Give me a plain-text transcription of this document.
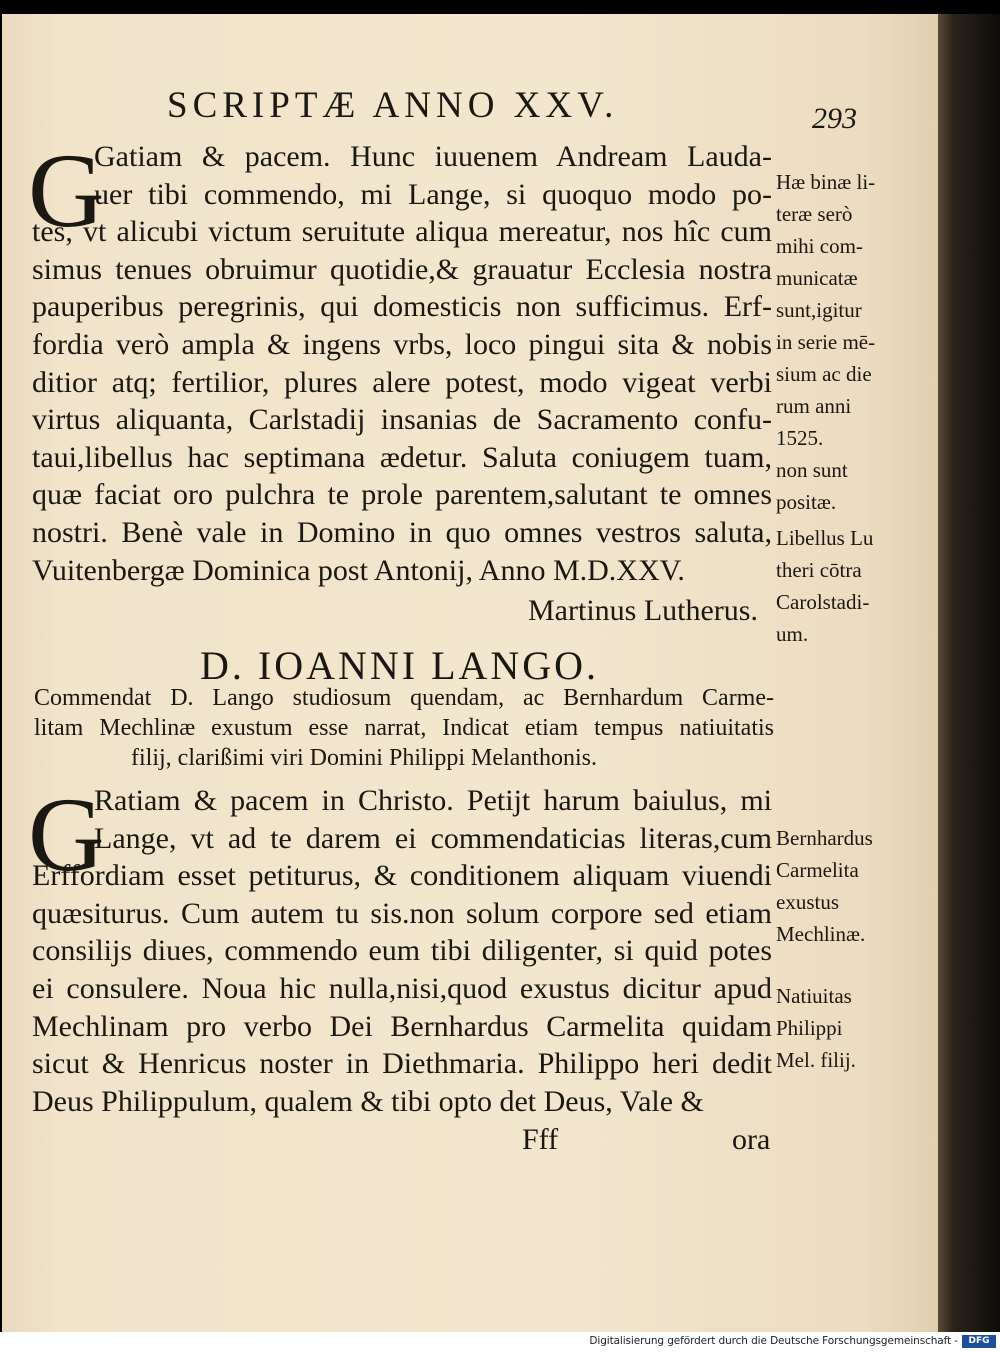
SCRIPTÆ ANNO XXV.	293
G
Gatiam & pacem. Hunc iuuenem Andream Lauda-
uer tibi commendo, mi Lange, si quoquo modo po-
tes, vt alicubi victum seruitute aliqua mereatur, nos hîc cum
simus tenues obruimur quotidie,& grauatur Ecclesia nostra
pauperibus peregrinis, qui domesticis non sufficimus. Erf-
fordia verò ampla & ingens vrbs, loco pingui sita & nobis
ditior atq; fertilior, plures alere potest, modo vigeat verbi
virtus aliquanta, Carlstadij insanias de Sacramento confu-
taui,libellus hac septimana ædetur. Saluta coniugem tuam,
quæ faciat oro pulchra te prole parentem,salutant te omnes
nostri. Benè vale in Domino in quo omnes vestros saluta,
Vuitenbergæ Dominica post Antonij, Anno M.D.XXV.
Martinus Lutherus.
D. IOANNI LANGO.
Commendat D. Lango studiosum quendam, ac Bernhardum Carme-
litam Mechlinæ exustum esse narrat, Indicat etiam tempus natiuitatis
filij, clarißimi viri Domini Philippi Melanthonis.
G
Ratiam & pacem in Christo. Petijt harum baiulus, mi
Lange, vt ad te darem ei commendaticias literas,cum
Erffordiam esset petiturus, & conditionem aliquam viuendi
quæsiturus. Cum autem tu sis.non solum corpore sed etiam
consilijs diues, commendo eum tibi diligenter, si quid potes
ei consulere. Noua hic nulla,nisi,quod exustus dicitur apud
Mechlinam pro verbo Dei Bernhardus Carmelita quidam
sicut & Henricus noster in Diethmaria. Philippo heri dedit
Deus Philippulum, qualem & tibi opto det Deus, Vale &
Fff	ora
Hæ binæ li-
teræ serò
mihi com-
municatæ
sunt,igitur
in serie mē-
sium ac die
rum anni
1525.
non sunt
positæ.
Libellus Lu
theri cōtra
Carolstadi-
um.
Bernhardus
Carmelita
exustus
Mechlinæ.
Natiuitas
Philippi
Mel. filij.
Digitalisierung gefördert durch die Deutsche Forschungsgemeinschaft -	DFG
